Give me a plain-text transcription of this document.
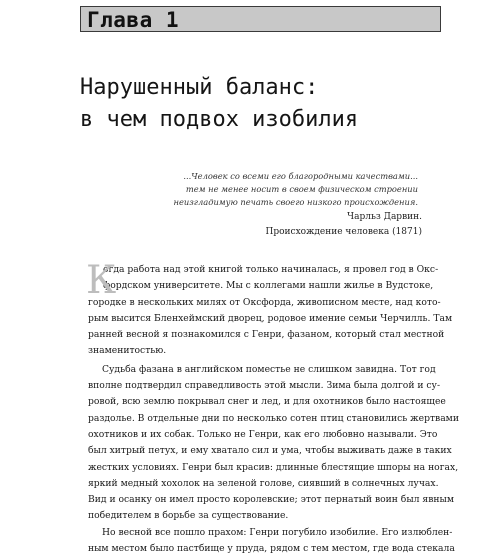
Глава 1
Нарушенный баланс:
в чем подвох изобилия
...Человек со всеми его благородными качествами...
тем не менее носит в своем физическом строении
неизгладимую печать своего низкого происхождения.
Чарльз Дарвин.
Происхождение человека (1871)
К
огда работа над этой книгой только начиналась, я провел год в Окс-
фордском университете. Мы с коллегами нашли жилье в Вудстоке,
городке в нескольких милях от Оксфорда, живописном месте, над кото-
рым высится Бленхеймский дворец, родовое имение семьи Черчилль. Там
ранней весной я познакомился с Генри, фазаном, который стал местной
знаменитостью.
Судьба фазана в английском поместье не слишком завидна. Тот год
вполне подтвердил справедливость этой мысли. Зима была долгой и су-
ровой, всю землю покрывал снег и лед, и для охотников было настоящее
раздолье. В отдельные дни по несколько сотен птиц становились жертвами
охотников и их собак. Только не Генри, как его любовно называли. Это
был хитрый петух, и ему хватало сил и ума, чтобы выживать даже в таких
жестких условиях. Генри был красив: длинные блестящие шпоры на ногах,
яркий медный хохолок на зеленой голове, сиявший в солнечных лучах.
Вид и осанку он имел просто королевские; этот пернатый воин был явным
победителем в борьбе за существование.
Но весной все пошло прахом: Генри погубило изобилие. Его излюблен-
ным местом было пастбище у пруда, рядом с тем местом, где вода стекала
